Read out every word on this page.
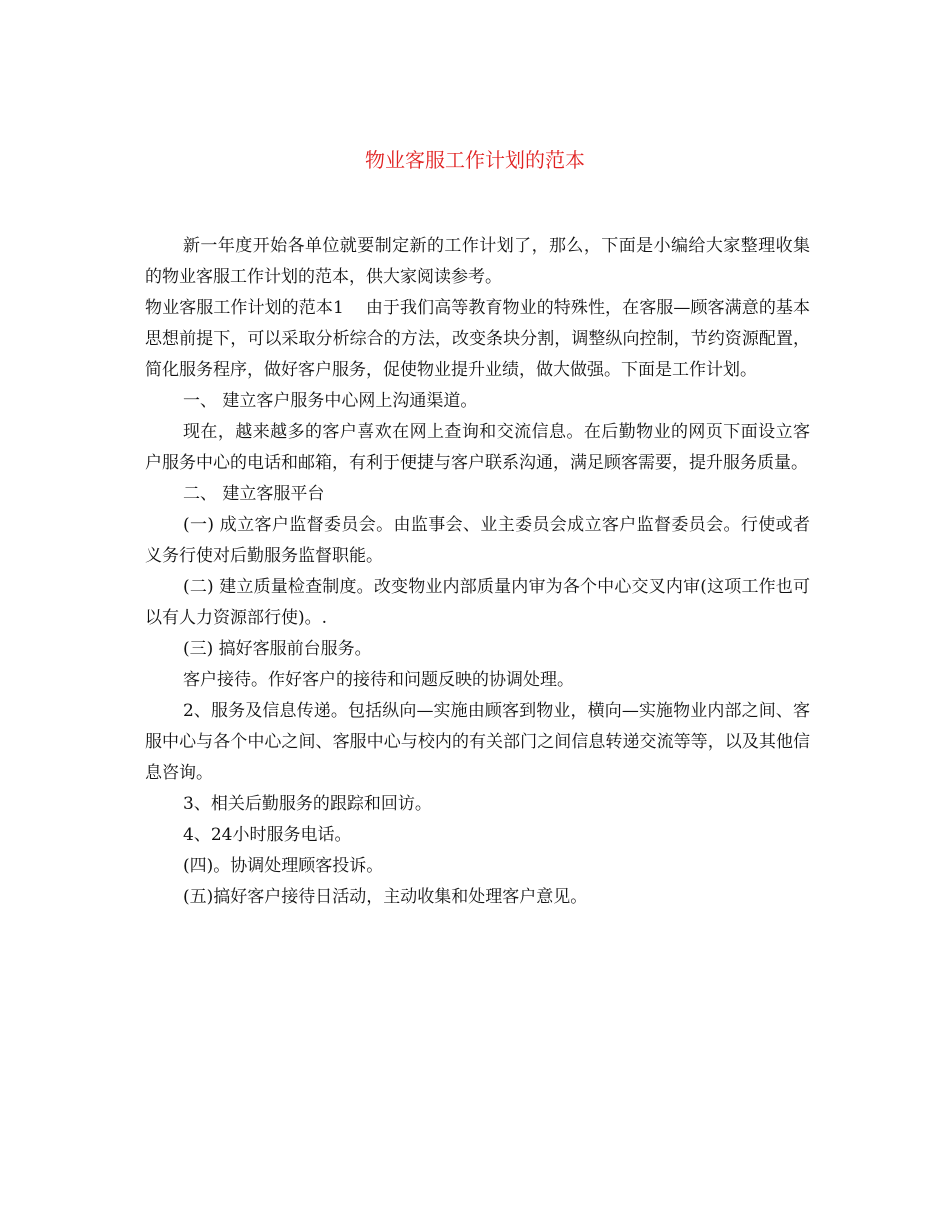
物业客服工作计划的范本

新一年度开始各单位就要制定新的工作计划了，那么，下面是小编给大家整理收集的物业客服工作计划的范本，供大家阅读参考。

物业客服工作计划的范本1 由于我们高等教育物业的特殊性，在客服—顾客满意的基本思想前提下，可以采取分析综合的方法，改变条块分割，调整纵向控制，节约资源配置，简化服务程序，做好客户服务，促使物业提升业绩，做大做强。下面是工作计划。

一、 建立客户服务中心网上沟通渠道。

现在，越来越多的客户喜欢在网上查询和交流信息。在后勤物业的网页下面设立客户服务中心的电话和邮箱，有利于便捷与客户联系沟通，满足顾客需要，提升服务质量。

二、 建立客服平台

(一) 成立客户监督委员会。由监事会、业主委员会成立客户监督委员会。行使或者义务行使对后勤服务监督职能。

(二) 建立质量检查制度。改变物业内部质量内审为各个中心交叉内审(这项工作也可以有人力资源部行使)。.

(三) 搞好客服前台服务。

客户接待。作好客户的接待和问题反映的协调处理。

2、服务及信息传递。包括纵向—实施由顾客到物业，横向—实施物业内部之间、客服中心与各个中心之间、客服中心与校内的有关部门之间信息转递交流等等，以及其他信息咨询。

3、相关后勤服务的跟踪和回访。

4、24小时服务电话。

(四)。协调处理顾客投诉。

(五)搞好客户接待日活动，主动收集和处理客户意见。
